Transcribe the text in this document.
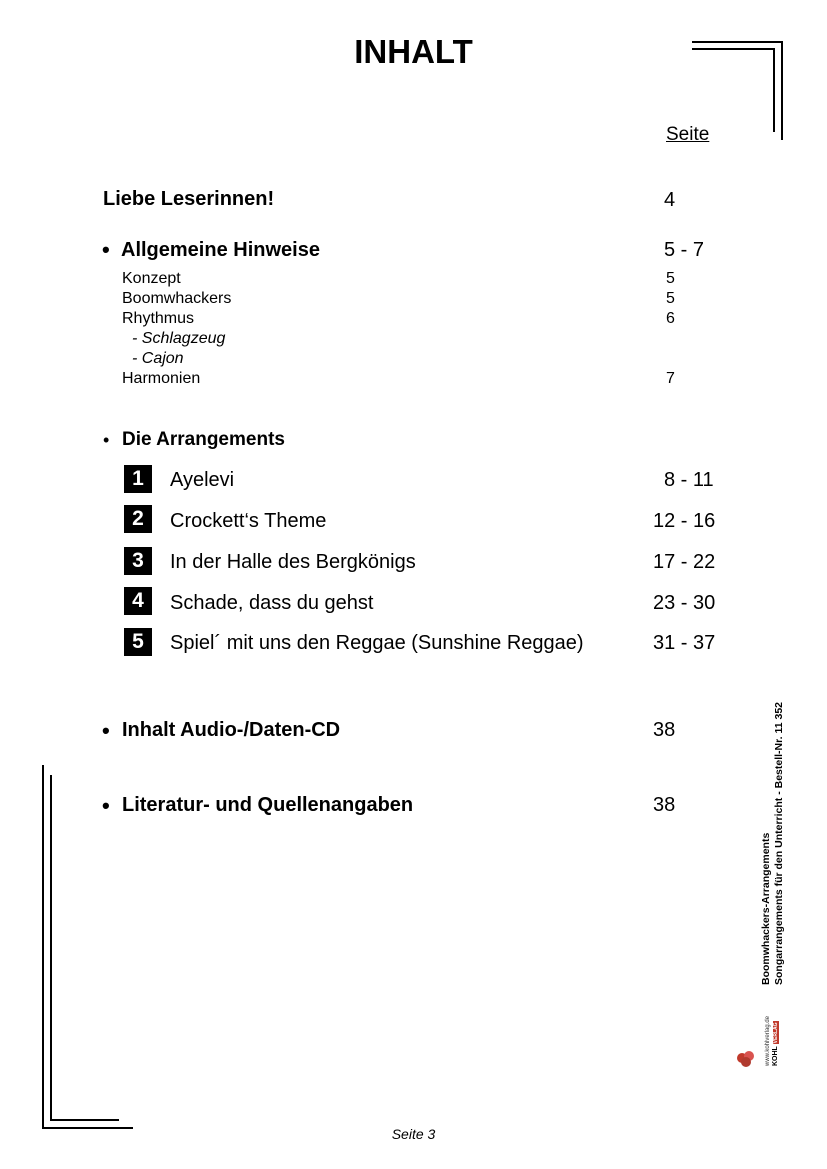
INHALT
Seite
Liebe Leserinnen!	4
• Allgemeine Hinweise	5 - 7
Konzept	5
Boomwhackers	5
Rhythmus	6
- Schlagzeug
- Cajon
Harmonien	7
• Die Arrangements
1	Ayelevi	8 - 11
2	Crockett‘s Theme	12 - 16
3	In der Halle des Bergkönigs	17 - 22
4	Schade, dass du gehst	23 - 30
5	Spiel´ mit uns den Reggae (Sunshine Reggae)	31 - 37
• Inhalt Audio-/Daten-CD	38
• Literatur- und Quellenangaben	38
Boomwhackers-Arrangements Songarrangements für den Unterricht - Bestell-Nr. 11 352
www.kohlverlag.de KOHL VERLAG
Seite 3
